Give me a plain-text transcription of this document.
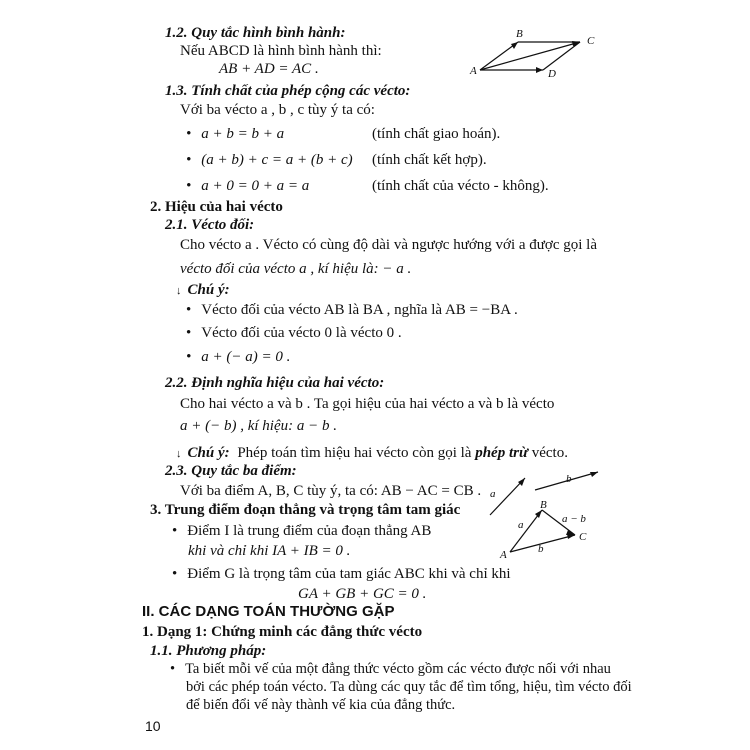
1.2. Quy tắc hình bình hành:
Nếu ABCD là hình bình hành thì:
AB + AD = AC .	A
B
C
D
1.3. Tính chất của phép cộng các vécto:
Với ba vécto a , b , c tùy ý ta có:
• a + b = b + a	(tính chất giao hoán).
• (a + b) + c = a + (b + c) (tính chất kết hợp).
• a + 0 = 0 + a = a	(tính chất của vécto - không).
2. Hiệu của hai vécto
2.1. Vécto đối:
Cho vécto a . Vécto có cùng độ dài và ngược hướng với a được gọi là
vécto đối của vécto a , kí hiệu là: − a .
↓ Chú ý:
• Vécto đối của vécto AB là BA , nghĩa là AB = −BA .
• Vécto đối của vécto 0 là vécto 0 .
• a + (− a) = 0 .
2.2. Định nghĩa hiệu của hai vécto:
Cho hai vécto a và b . Ta gọi hiệu của hai vécto a và b là vécto
a + (− b) , kí hiệu: a − b .
↓ Chú ý: Phép toán tìm hiệu hai vécto còn gọi là phép trừ vécto.
2.3. Quy tắc ba điểm:
Với ba điểm A, B, C tùy ý, ta có: AB − AC = CB .
3. Trung điểm đoạn thẳng và trọng tâm tam giác
• Điểm I là trung điểm của đoạn thẳng AB
khi và chỉ khi IA + IB = 0 .
• Điểm G là trọng tâm của tam giác ABC khi và chỉ khi
GA + GB + GC = 0 .
a
b
A
B
C
a
b
a − b
II. CÁC DẠNG TOÁN THƯỜNG GẶP
1. Dạng 1: Chứng minh các đẳng thức vécto
1.1. Phương pháp:
• Ta biết mỗi vế của một đẳng thức vécto gồm các vécto được nối với nhau
bởi các phép toán vécto. Ta dùng các quy tắc để tìm tổng, hiệu, tìm vécto đối
để biến đổi vế này thành vế kia của đẳng thức.
10
